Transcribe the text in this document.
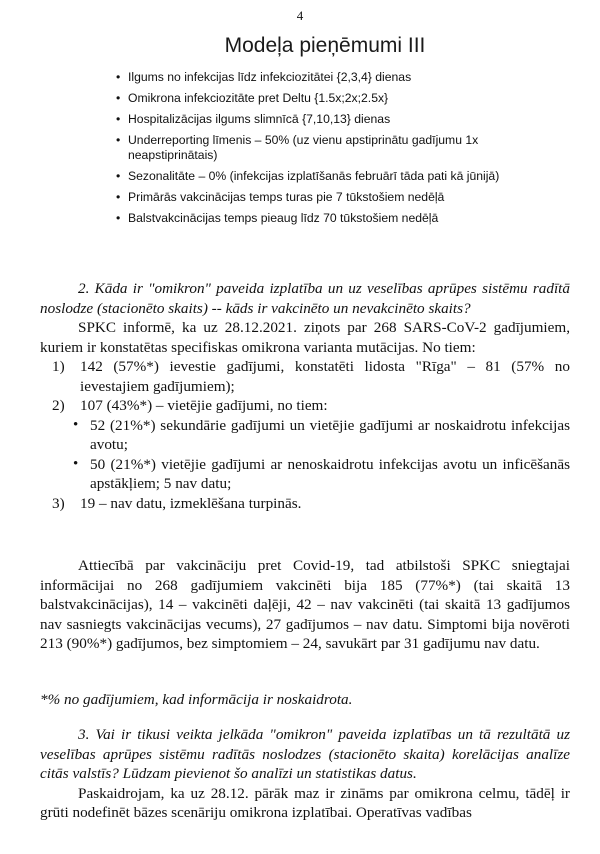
4
Modeļa pieņēmumi III
• Ilgums no infekcijas līdz infekciozitātei {2,3,4} dienas
• Omikrona infekciozitāte pret Deltu {1.5x;2x;2.5x}
• Hospitalizācijas ilgums slimnīcā {7,10,13} dienas
• Underreporting līmenis – 50% (uz vienu apstiprinātu gadījumu 1x neapstiprinātais)
• Sezonalitāte – 0% (infekcijas izplatīšanās februārī tāda pati kā jūnijā)
• Primārās vakcinācijas temps turas pie 7 tūkstošiem nedēļā
• Balstvakcinācijas temps pieaug līdz 70 tūkstošiem nedēļā

2. Kāda ir "omikron" paveida izplatība un uz veselības aprūpes sistēmu radītā noslodze (stacionēto skaits) -- kāds ir vakcinēto un nevakcinēto skaits?

SPKC informē, ka uz 28.12.2021. ziņots par 268 SARS-CoV-2 gadījumiem, kuriem ir konstatētas specifiskas omikrona varianta mutācijas. No tiem:

1) 142 (57%*) ievestie gadījumi, konstatēti lidosta "Rīga" – 81 (57% no ievestajiem gadījumiem);
2) 107 (43%*) – vietējie gadījumi, no tiem:
• 52 (21%*) sekundārie gadījumi un vietējie gadījumi ar noskaidrotu infekcijas avotu;
• 50 (21%*) vietējie gadījumi ar nenoskaidrotu infekcijas avotu un inficēšanās apstākļiem; 5 nav datu;
3) 19 – nav datu, izmeklēšana turpinās.

Attiecībā par vakcināciju pret Covid-19, tad atbilstoši SPKC sniegtajai informācijai no 268 gadījumiem vakcinēti bija 185 (77%*) (tai skaitā 13 balstvakcinācijas), 14 – vakcinēti daļēji, 42 – nav vakcinēti (tai skaitā 13 gadījumos nav sasniegts vakcinācijas vecums), 27 gadījumos – nav datu. Simptomi bija novēroti 213 (90%*) gadījumos, bez simptomiem – 24, savukārt par 31 gadījumu nav datu.

*% no gadījumiem, kad informācija ir noskaidrota.

3. Vai ir tikusi veikta jelkāda "omikron" paveida izplatības un tā rezultātā uz veselības aprūpes sistēmu radītās noslodzes (stacionēto skaita) korelācijas analīze citās valstīs? Lūdzam pievienot šo analīzi un statistikas datus.

Paskaidrojam, ka uz 28.12. pārāk maz ir zināms par omikrona celmu, tādēļ ir grūti nodefinēt bāzes scenāriju omikrona izplatībai. Operatīvas vadības
